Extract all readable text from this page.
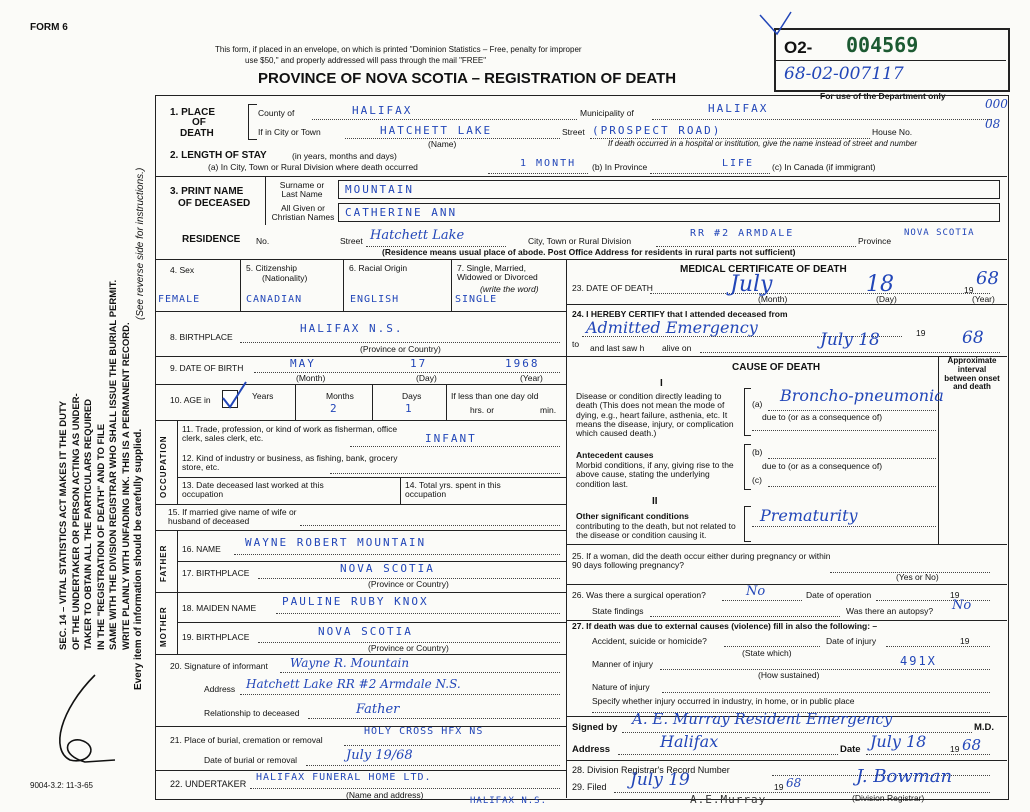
FORM 6
This form, if placed in an envelope, on which is printed "Dominion Statistics – Free, penalty for improper
use $50," and properly addressed will pass through the mail "FREE"
PROVINCE OF NOVA SCOTIA – REGISTRATION OF DEATH
O2- 004569
68-02-007117
For use of the Department only
000
08
SEC. 14 – VITAL STATISTICS ACT MAKES IT THE DUTY OF THE UNDERTAKER OR PERSON ACTING AS UNDER- TAKER TO OBTAIN ALL THE PARTICULARS REQUIRED IN THE "REGISTRATION OF DEATH" AND TO FILE SAME WITH THE DIVISION REGISTRAR WHO SHALL ISSUE THE BURIAL PERMIT. WRITE PLAINLY WITH UNFADING INK. THIS IS A PERMANENT RECORD.
(See reverse side for instructions.)
Every item of information should be carefully supplied.
9004-3.2: 11-3-65
1. PLACE
OF
DEATH
County of	HALIFAX	Municipality of	HALIFAX
If in City or Town	HATCHETT LAKE
(Name)
Street (PROSPECT ROAD)	House No.
If death occurred in a hospital or institution, give the name instead of street and number
2. LENGTH OF STAY	(in years, months and days)
(a) In City, Town or Rural Division where death occurred	1 MONTH (b) In Province	LIFE (c) In Canada (if immigrant)
3. PRINT NAME
OF DECEASED
Surname or Last Name
All Given or Christian Names
MOUNTAIN
CATHERINE ANN
RESIDENCE No.	Street Hatchett Lake	City, Town or Rural Division
RR #2 ARMDALE
Province
NOVA SCOTIA
(Residence means usual place of abode. Post Office Address for residents in rural parts not sufficient)
4. Sex	5. Citizenship
(Nationality)
6. Racial Origin	7. Single, Married, Widowed or Divorced
(write the word)
FEMALE	CANADIAN	ENGLISH	SINGLE
8. BIRTHPLACE
HALIFAX N.S.
(Province or Country)
9. DATE OF BIRTH	MAY	17	1968
(Month)	(Day)	(Year)
10. AGE in	Years	Months
2
Days
1
If less than one day old
hrs. or	min.
OCCUPATION
11. Trade, profession, or kind of work as fisherman, office clerk, sales clerk, etc.	INFANT
12. Kind of industry or business, as fishing, bank, grocery store, etc.
13. Date deceased last worked at this occupation
14. Total yrs. spent in this occupation
15. If married give name of wife or husband of deceased
FATHER 16. NAME WAYNE ROBERT MOUNTAIN
17. BIRTHPLACE	NOVA SCOTIA
(Province or Country)
MOTHER 18. MAIDEN NAME PAULINE RUBY KNOX
19. BIRTHPLACE	NOVA SCOTIA
(Province or Country)
20. Signature of informant Wayne R. Mountain
Address Hatchett Lake RR #2 Armdale N.S.
Relationship to deceased	Father
21. Place of burial, cremation or removal
HOLY CROSS HFX NS
Date of burial or removal	July 19/68
22. UNDERTAKER
HALIFAX FUNERAL HOME LTD.
HALIFAX N.S.
(Name and address)
MEDICAL CERTIFICATE OF DEATH
23. DATE OF DEATH	July	18	19
68
(Month)	(Day)	(Year)
24. I HEREBY CERTIFY that I attended deceased from
Admitted Emergency	19
to and last saw h alive on	July 18	68
CAUSE OF DEATH
Approximate interval between onset and death
I
Disease or condition directly leading to death (This does not mean the mode of dying, e.g., heart failure, asthenia, etc. It means the disease, injury, or complication which caused death.)
(a) Broncho-pneumonia
due to (or as a consequence of)
Antecedent causes
Morbid conditions, if any, giving rise to the above cause, stating the underlying condition last.
(b)
due to (or as a consequence of)
(c)
II
Other significant conditions
contributing to the death, but not related to the disease or condition causing it.
Prematurity
25. If a woman, did the death occur either during pregnancy or within 90 days following pregnancy?
(Yes or No)
26. Was there a surgical operation?	No	Date of operation	19
State findings	Was there an autopsy? No
27. If death was due to external causes (violence) fill in also the following: –
Accident, suicide or homicide?	Date of injury	19
(State which)
Manner of injury	491X
(How sustained)
Nature of injury
Specify whether injury occurred in industry, in home, or in public place
Signed by A. E. Murray Resident Emergency	M.D.
Address	Halifax	Date July 18	19 68
28. Division Registrar's Record Number
29. Filed July 19	19 68	J. Bowman
(Division Registrar)
A.E.Murray
